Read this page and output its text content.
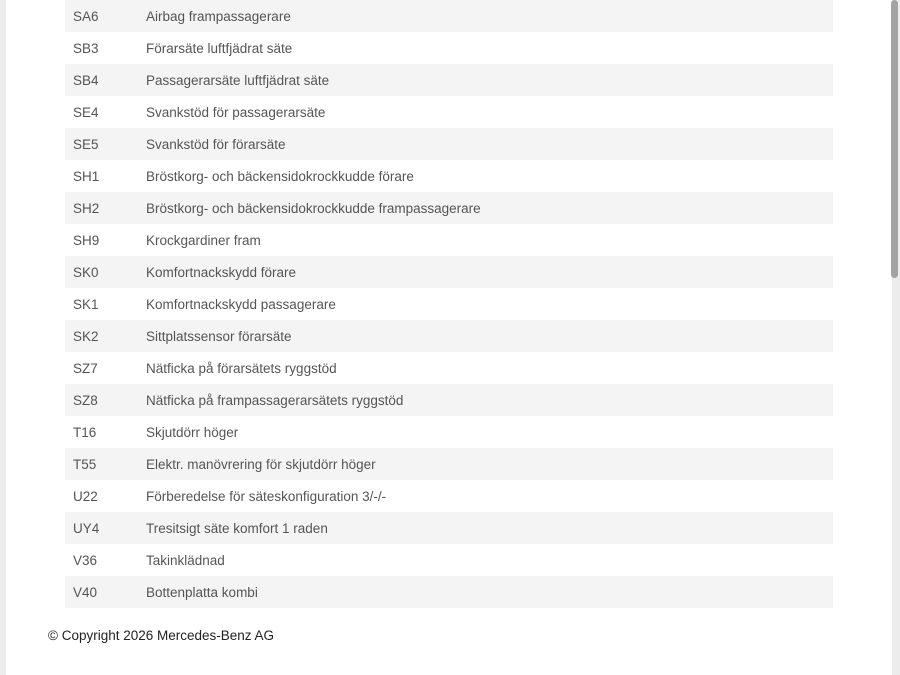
SA6	Airbag frampassagerare
SB3	Förarsäte luftfjädrat säte
SB4	Passagerarsäte luftfjädrat säte
SE4	Svankstöd för passagerarsäte
SE5	Svankstöd för förarsäte
SH1	Bröstkorg- och bäckensidokrockkudde förare
SH2	Bröstkorg- och bäckensidokrockkudde frampassagerare
SH9	Krockgardiner fram
SK0	Komfortnackskydd förare
SK1	Komfortnackskydd passagerare
SK2	Sittplatssensor förarsäte
SZ7	Nätficka på förarsätets ryggstöd
SZ8	Nätficka på frampassagerarsätets ryggstöd
T16	Skjutdörr höger
T55	Elektr. manövrering för skjutdörr höger
U22	Förberedelse för säteskonfiguration 3/-/-
UY4	Tresitsigt säte komfort 1 raden
V36	Takinklädnad
V40	Bottenplatta kombi
© Copyright 2026 Mercedes-Benz AG
